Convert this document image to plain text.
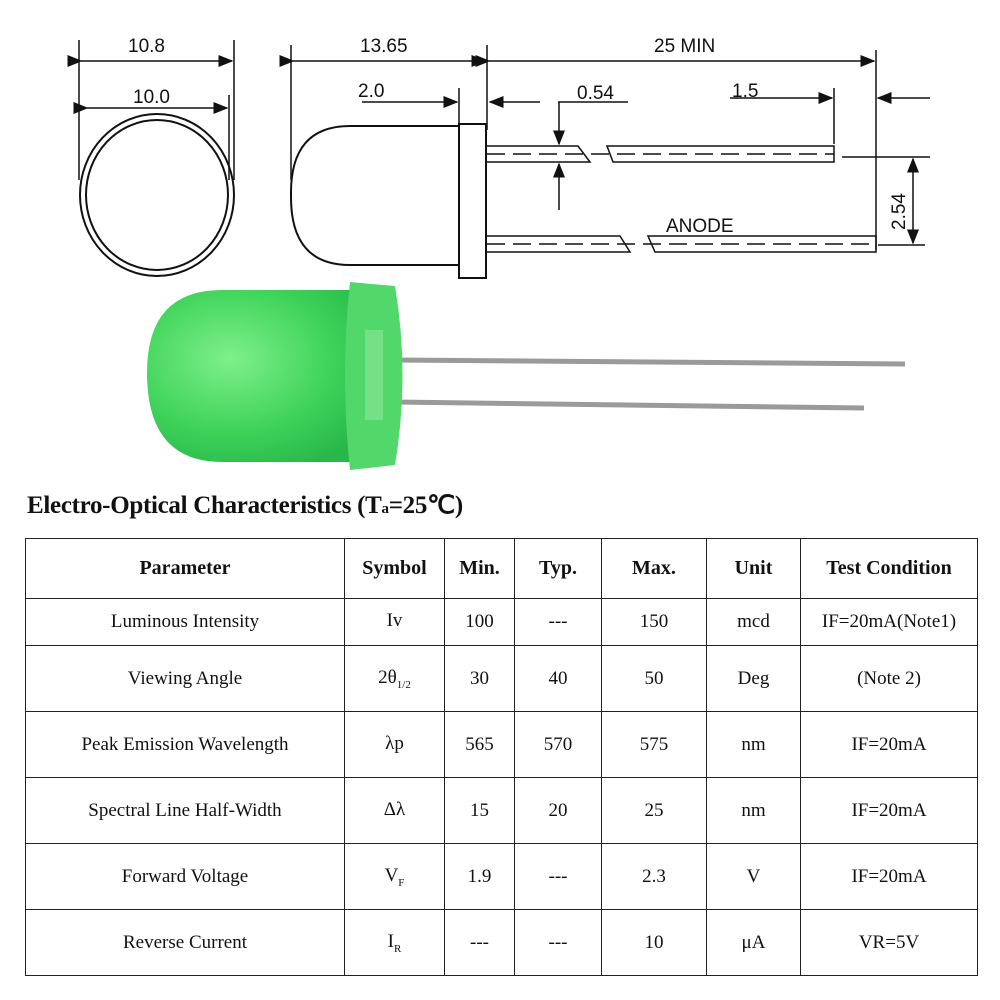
10.8
10.0
13.65	25 MIN
2.0	0.54	1.5
ANODE	2.54
Electro-Optical Characteristics (Ta=25℃)
Parameter	Symbol	Min.	Typ.	Max.	Unit	Test Condition
Luminous Intensity	Iv	100	---	150	mcd	IF=20mA(Note1)
Viewing Angle	$2\theta_{1/2}$	30	40	50	Deg	(Note 2)
Peak Emission Wavelength	λp	565	570	575	nm	IF=20mA
Spectral Line Half-Width	Δλ	15	20	25	nm	IF=20mA
Forward Voltage	$V_F$	1.9	---	2.3	V	IF=20mA
Reverse Current	$I_R$	---	---	10	μA	VR=5V
